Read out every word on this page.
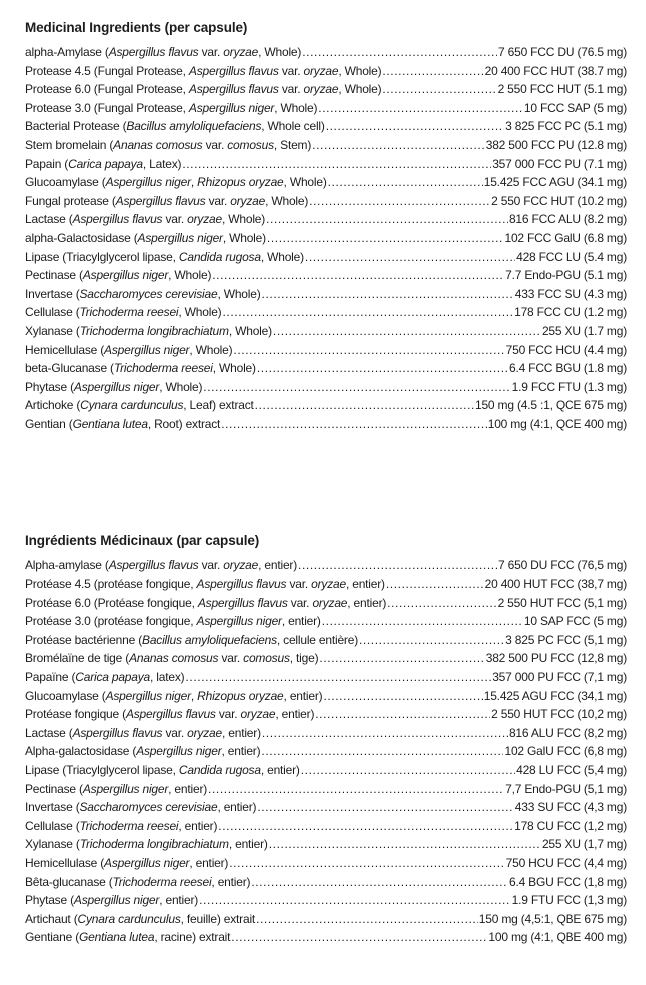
Medicinal Ingredients (per capsule)
alpha-Amylase (Aspergillus flavus var. oryzae, Whole) .....	7 650 FCC DU (76.5 mg)
Protease 4.5 (Fungal Protease, Aspergillus flavus var. oryzae, Whole) .....	20 400 FCC HUT (38.7 mg)
Protease 6.0 (Fungal Protease, Aspergillus flavus var. oryzae, Whole) .....	2 550 FCC HUT (5.1 mg)
Protease 3.0 (Fungal Protease, Aspergillus niger, Whole) .....	10 FCC SAP (5 mg)
Bacterial Protease (Bacillus amyloliquefaciens, Whole cell) .....	3 825 FCC PC (5.1 mg)
Stem bromelain (Ananas comosus var. comosus, Stem) .....	382 500 FCC PU (12.8 mg)
Papain (Carica papaya, Latex) .....	357 000 FCC PU (7.1 mg)
Glucoamylase (Aspergillus niger, Rhizopus oryzae, Whole) .....	15.425 FCC AGU (34.1 mg)
Fungal protease (Aspergillus flavus var. oryzae, Whole) .....	2 550 FCC HUT (10.2 mg)
Lactase (Aspergillus flavus var. oryzae, Whole) .....	816 FCC ALU (8.2 mg)
alpha-Galactosidase (Aspergillus niger, Whole) .....	102 FCC GalU (6.8 mg)
Lipase (Triacylglycerol lipase, Candida rugosa, Whole) .....	428 FCC LU (5.4 mg)
Pectinase (Aspergillus niger, Whole) .....	7.7 Endo-PGU (5.1 mg)
Invertase (Saccharomyces cerevisiae, Whole) .....	433 FCC SU (4.3 mg)
Cellulase (Trichoderma reesei, Whole) .....	178 FCC CU (1.2 mg)
Xylanase (Trichoderma longibrachiatum, Whole) .....	255 XU (1.7 mg)
Hemicellulase (Aspergillus niger, Whole) .....	750 FCC HCU (4.4 mg)
beta-Glucanase (Trichoderma reesei, Whole) .....	6.4 FCC BGU (1.8 mg)
Phytase (Aspergillus niger, Whole) .....	1.9 FCC FTU (1.3 mg)
Artichoke (Cynara cardunculus, Leaf) extract .....	150 mg (4.5 :1, QCE 675 mg)
Gentian (Gentiana lutea, Root) extract .....	100 mg (4:1, QCE 400 mg)
Ingrédients Médicinaux (par capsule)
Alpha-amylase (Aspergillus flavus var. oryzae, entier) .....	7 650 DU FCC (76,5 mg)
Protéase 4.5 (protéase fongique, Aspergillus flavus var. oryzae, entier) .....	20 400 HUT FCC (38,7 mg)
Protéase 6.0 (Protéase fongique, Aspergillus flavus var. oryzae, entier) .....	2 550 HUT FCC (5,1 mg)
Protéase 3.0 (protéase fongique, Aspergillus niger, entier) .....	10 SAP FCC (5 mg)
Protéase bactérienne (Bacillus amyloliquefaciens, cellule entière) .....	3 825 PC FCC (5,1 mg)
Bromélaïne de tige (Ananas comosus var. comosus, tige) .....	382 500 PU FCC (12,8 mg)
Papaïne (Carica papaya, latex) .....	357 000 PU FCC (7,1 mg)
Glucoamylase (Aspergillus niger, Rhizopus oryzae, entier) .....	15.425 AGU FCC (34,1 mg)
Protéase fongique (Aspergillus flavus var. oryzae, entier) .....	2 550 HUT FCC (10,2 mg)
Lactase (Aspergillus flavus var. oryzae, entier) .....	816 ALU FCC (8,2 mg)
Alpha-galactosidase (Aspergillus niger, entier) .....	102 GalU FCC (6,8 mg)
Lipase (Triacylglycerol lipase, Candida rugosa, entier) .....	428 LU FCC (5,4 mg)
Pectinase (Aspergillus niger, entier) .....	7,7 Endo-PGU (5,1 mg)
Invertase (Saccharomyces cerevisiae, entier) .....	433 SU FCC (4,3 mg)
Cellulase (Trichoderma reesei, entier) .....	178 CU FCC (1,2 mg)
Xylanase (Trichoderma longibrachiatum, entier) .....	255 XU (1,7 mg)
Hemicellulase (Aspergillus niger, entier) .....	750 HCU FCC (4,4 mg)
Bêta-glucanase (Trichoderma reesei, entier) .....	6.4 BGU FCC (1,8 mg)
Phytase (Aspergillus niger, entier) .....	1.9 FTU FCC (1,3 mg)
Artichaut (Cynara cardunculus, feuille) extrait .....	150 mg (4,5:1, QBE 675 mg)
Gentiane (Gentiana lutea, racine) extrait .....	100 mg (4:1, QBE 400 mg)
